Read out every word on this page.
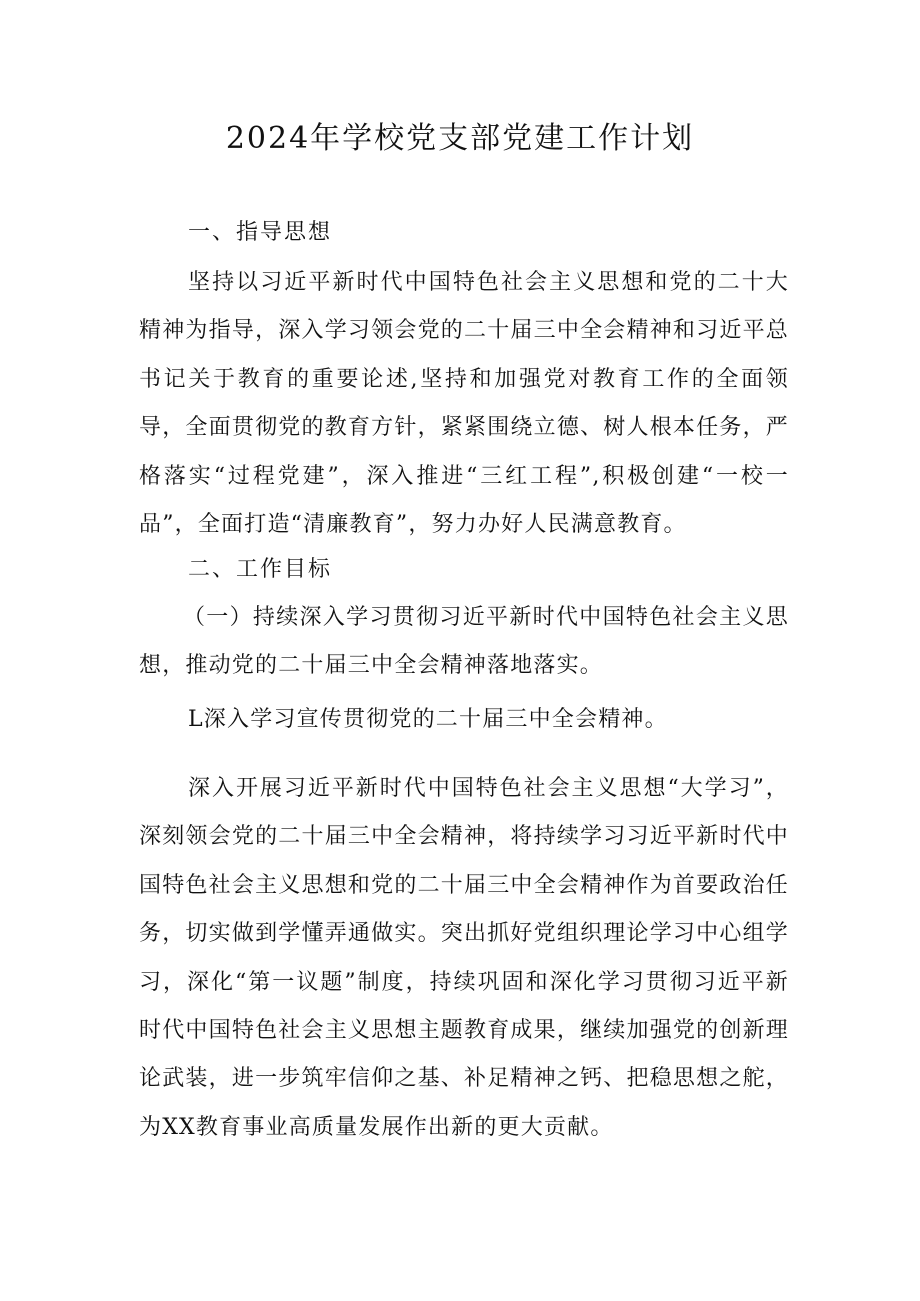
2024年学校党支部党建工作计划
一、指导思想

坚持以习近平新时代中国特色社会主义思想和党的二十大精神为指导，深入学习领会党的二十届三中全会精神和习近平总书记关于教育的重要论述,坚持和加强党对教育工作的全面领导，全面贯彻党的教育方针，紧紧围绕立德、树人根本任务，严格落实“过程党建”，深入推进“三红工程”,积极创建“一校一品”，全面打造“清廉教育”，努力办好人民满意教育。

二、工作目标

（一）持续深入学习贯彻习近平新时代中国特色社会主义思想，推动党的二十届三中全会精神落地落实。

L深入学习宣传贯彻党的二十届三中全会精神。

深入开展习近平新时代中国特色社会主义思想“大学习”，深刻领会党的二十届三中全会精神，将持续学习习近平新时代中国特色社会主义思想和党的二十届三中全会精神作为首要政治任务，切实做到学懂弄通做实。突出抓好党组织理论学习中心组学习，深化“第一议题”制度，持续巩固和深化学习贯彻习近平新时代中国特色社会主义思想主题教育成果，继续加强党的创新理论武装，进一步筑牢信仰之基、补足精神之钙、把稳思想之舵，为XX教育事业高质量发展作出新的更大贡献。
